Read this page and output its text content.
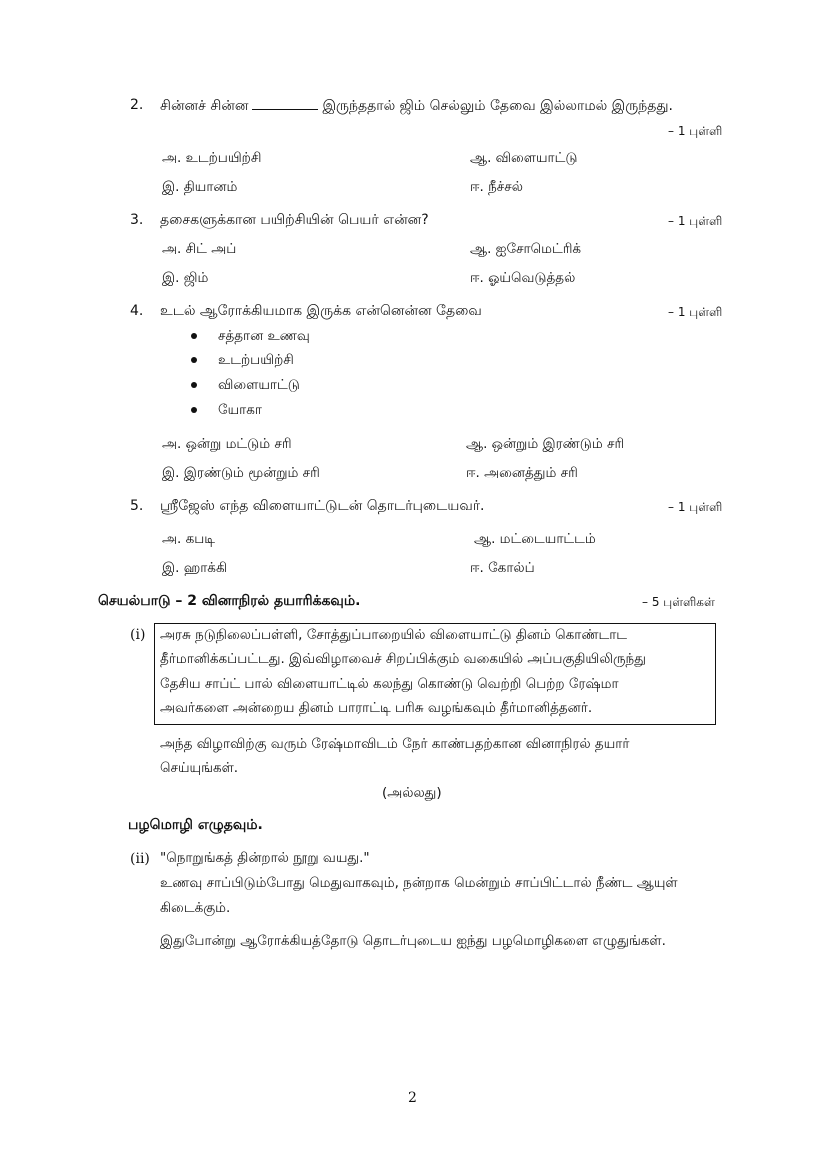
2. சின்னச் சின்ன	இருந்ததால் ஜிம் செல்லும் தேவை இல்லாமல் இருந்தது.
– 1 புள்ளி
அ. உடற்பயிற்சி	ஆ. விளையாட்டு
இ. தியானம்	ஈ. நீச்சல்
3. தசைகளுக்கான பயிற்சியின் பெயர் என்ன?	– 1 புள்ளி
அ. சிட் அப்	ஆ. ஐசோமெட்ரிக்
இ. ஜிம்	ஈ. ஓய்வெடுத்தல்
4. உடல் ஆரோக்கியமாக இருக்க என்னென்ன தேவை	– 1 புள்ளி
சத்தான உணவு
உடற்பயிற்சி
விளையாட்டு
யோகா
அ. ஒன்று மட்டும் சரி	ஆ. ஒன்றும் இரண்டும் சரி
இ. இரண்டும் மூன்றும் சரி	ஈ. அனைத்தும் சரி
5. ஸ்ரீஜேஸ் எந்த விளையாட்டுடன் தொடர்புடையவர்.	– 1 புள்ளி
அ. கபடி	ஆ. மட்டையாட்டம்
இ. ஹாக்கி	ஈ. கோல்ப்
செயல்பாடு – 2 வினாநிரல் தயாரிக்கவும்.	– 5 புள்ளிகள்
(i) அரசு நடுநிலைப்பள்ளி, சோத்துப்பாறையில் விளையாட்டு தினம் கொண்டாட
தீர்மானிக்கப்பட்டது. இவ்விழாவைச் சிறப்பிக்கும் வகையில் அப்பகுதியிலிருந்து
தேசிய சாப்ட் பால் விளையாட்டில் கலந்து கொண்டு வெற்றி பெற்ற ரேஷ்மா
அவர்களை அன்றைய தினம் பாராட்டி பரிசு வழங்கவும் தீர்மானித்தனர்.
அந்த விழாவிற்கு வரும் ரேஷ்மாவிடம் நேர் காண்பதற்கான வினாநிரல் தயார்
செய்யுங்கள்.
(அல்லது)
பழமொழி எழுதவும்.
(ii) "நொறுங்கத் தின்றால் நூறு வயது."
உணவு சாப்பிடும்போது மெதுவாகவும், நன்றாக மென்றும் சாப்பிட்டால் நீண்ட ஆயுள்
கிடைக்கும்.
இதுபோன்று ஆரோக்கியத்தோடு தொடர்புடைய ஐந்து பழமொழிகளை எழுதுங்கள்.
2
